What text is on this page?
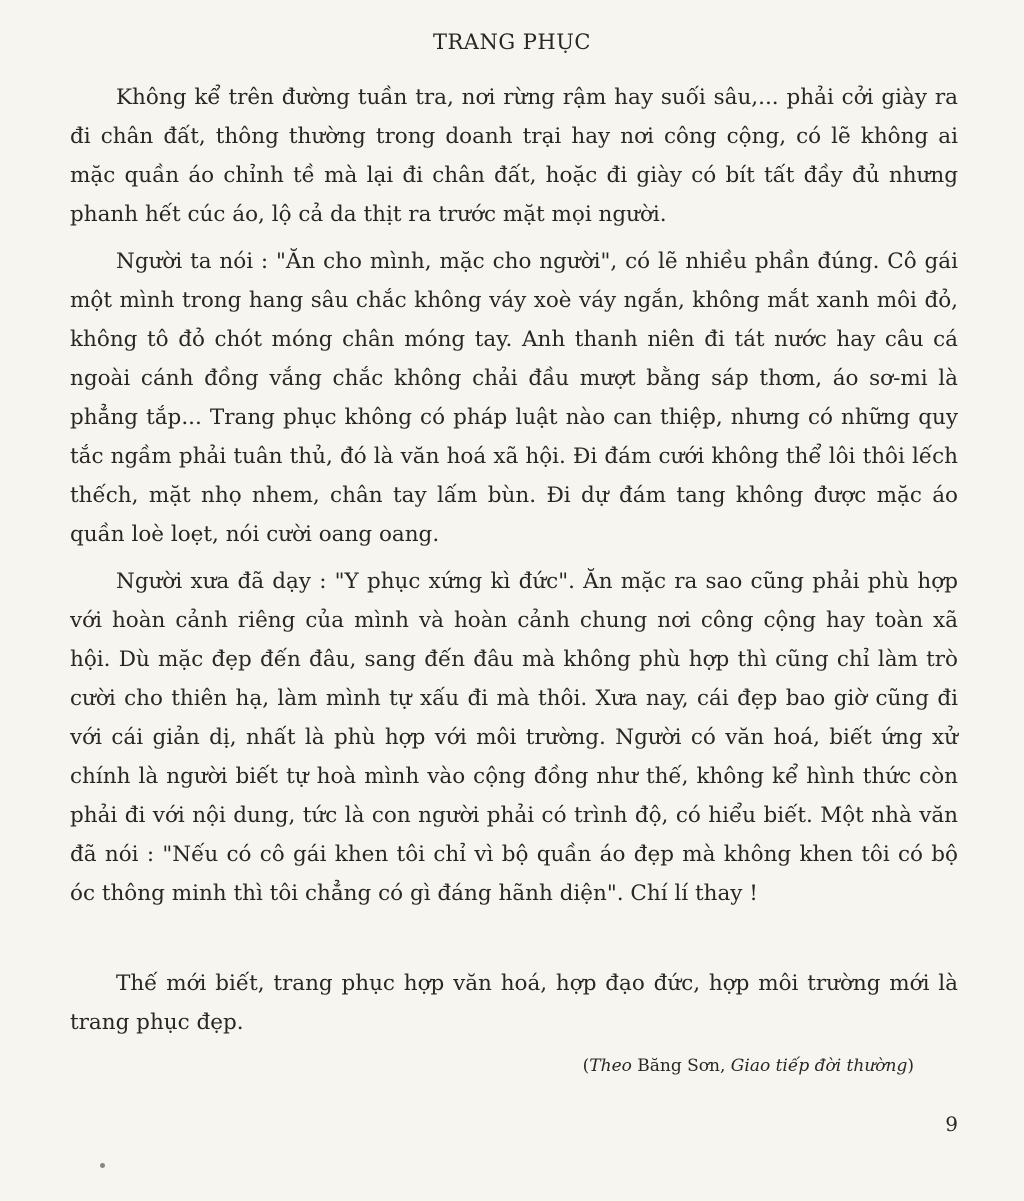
TRANG PHỤC

Không kể trên đường tuần tra, nơi rừng rậm hay suối sâu,... phải cởi giày ra đi chân đất, thông thường trong doanh trại hay nơi công cộng, có lẽ không ai mặc quần áo chỉnh tề mà lại đi chân đất, hoặc đi giày có bít tất đầy đủ nhưng phanh hết cúc áo, lộ cả da thịt ra trước mặt mọi người.

Người ta nói : "Ăn cho mình, mặc cho người", có lẽ nhiều phần đúng. Cô gái một mình trong hang sâu chắc không váy xoè váy ngắn, không mắt xanh môi đỏ, không tô đỏ chót móng chân móng tay. Anh thanh niên đi tát nước hay câu cá ngoài cánh đồng vắng chắc không chải đầu mượt bằng sáp thơm, áo sơ-mi là phẳng tắp... Trang phục không có pháp luật nào can thiệp, nhưng có những quy tắc ngầm phải tuân thủ, đó là văn hoá xã hội. Đi đám cưới không thể lôi thôi lếch thếch, mặt nhọ nhem, chân tay lấm bùn. Đi dự đám tang không được mặc áo quần loè loẹt, nói cười oang oang.

Người xưa đã dạy : "Y phục xứng kì đức". Ăn mặc ra sao cũng phải phù hợp với hoàn cảnh riêng của mình và hoàn cảnh chung nơi công cộng hay toàn xã hội. Dù mặc đẹp đến đâu, sang đến đâu mà không phù hợp thì cũng chỉ làm trò cười cho thiên hạ, làm mình tự xấu đi mà thôi. Xưa nay, cái đẹp bao giờ cũng đi với cái giản dị, nhất là phù hợp với môi trường. Người có văn hoá, biết ứng xử chính là người biết tự hoà mình vào cộng đồng như thế, không kể hình thức còn phải đi với nội dung, tức là con người phải có trình độ, có hiểu biết. Một nhà văn đã nói : "Nếu có cô gái khen tôi chỉ vì bộ quần áo đẹp mà không khen tôi có bộ óc thông minh thì tôi chẳng có gì đáng hãnh diện". Chí lí thay !

Thế mới biết, trang phục hợp văn hoá, hợp đạo đức, hợp môi trường mới là trang phục đẹp.

(Theo Băng Sơn, Giao tiếp đời thường)

9
